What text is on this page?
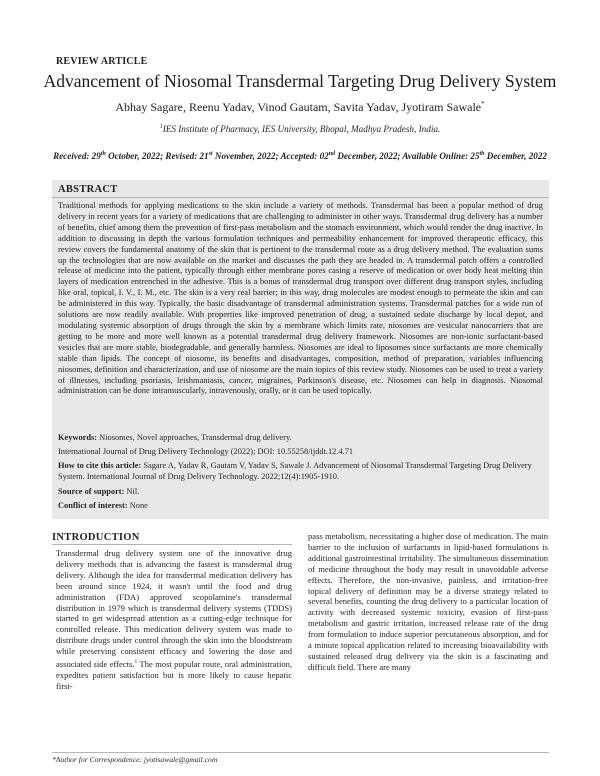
REVIEW ARTICLE
Advancement of Niosomal Transdermal Targeting Drug Delivery System
Abhay Sagare, Reenu Yadav, Vinod Gautam, Savita Yadav, Jyotiram Sawale*
$^1$IES Institute of Pharmacy, IES University, Bhopal, Madhya Pradesh, India.
Received: 29th October, 2022; Revised: 21st November, 2022; Accepted: 02nd December, 2022; Available Online: 25th December, 2022
ABSTRACT

Traditional methods for applying medications to the skin include a variety of methods. Transdermal has been a popular method of drug delivery in recent years for a variety of medications that are challenging to administer in other ways. Transdermal drug delivery has a number of benefits, chief among them the prevention of first-pass metabolism and the stomach environment, which would render the drug inactive. In addition to discussing in depth the various formulation techniques and permeability enhancement for improved therapeutic efficacy, this review covers the fundamental anatomy of the skin that is pertinent to the transdermal route as a drug delivery method. The evaluation sums up the technologies that are now available on the market and discusses the path they are headed in. A transdermal patch offers a controlled release of medicine into the patient, typically through either membrane pores casing a reserve of medication or over body heat melting thin layers of medication entrenched in the adhesive. This is a bonus of transdermal drug transport over different drug transport styles, including like oral, topical, I. V., I. M., etc. The skin is a very real barrier; in this way, drug molecules are modest enough to permeate the skin and can be administered in this way. Typically, the basic disadvantage of transdermal administration systems. Transdermal patches for a wide run of solutions are now readily available. With properties like improved penetration of drug, a sustained sedate discharge by local depot, and modulating systemic absorption of drugs through the skin by a membrane which limits rate, niosomes are vesicular nanocarriers that are getting to be more and more well known as a potential transdermal drug delivery framework. Niosomes are non-ionic surfactant-based vesicles that are more stable, biodegradable, and generally harmless. Niosomes are ideal to liposomes since surfactants are more chemically stable than lipids. The concept of niosome, its benefits and disadvantages, composition, method of preparation, variables influencing niosomes, definition and characterization, and use of niosome are the main topics of this review study. Niosomes can be used to treat a variety of illnesses, including psoriasis, leishmaniasis, cancer, migraines, Parkinson's disease, etc. Niosomes can help in diagnosis. Niosomal administration can be done intramuscularly, intravenously, orally, or it can be used topically.

Keywords: Niosomes, Novel approaches, Transdermal drug delivery.
International Journal of Drug Delivery Technology (2022); DOI: 10.55258/ijddt.12.4.71
How to cite this article: Sagare A, Yadav R, Gautam V, Yadav S, Sawale J. Advancement of Niosomal Transdermal Targeting Drug Delivery System. International Journal of Drug Delivery Technology. 2022;12(4):1905-1910.
Source of support: Nil.
Conflict of interest: None
INTRODUCTION

Transdermal drug delivery system one of the innovative drug delivery methods that is advancing the fastest is transdermal drug delivery. Although the idea for transdermal medication delivery has been around since 1924, it wasn't until the food and drug administration (FDA) approved scopolamine's transdermal distribution in 1979 which is transdermal delivery systems (TDDS) started to get widespread attention as a cutting-edge technique for controlled release. This medication delivery system was made to distribute drugs under control through the skin into the bloodstream while preserving consistent efficacy and lowering the dose and associated side effects.$^1$ The most popular route, oral administration, expedites patient satisfaction but is more likely to cause hepatic first-

pass metabolism, necessitating a higher dose of medication. The main barrier to the inclusion of surfactants in lipid-based formulations is additional gastrointestinal irritability. The simultaneous dissemination of medicine throughout the body may result in unavoidable adverse effects. Therefore, the non-invasive, painless, and irritation-free topical delivery of definition may be a diverse strategy related to several benefits, counting the drug delivery to a particular location of activity with decreased systemic toxicity, evasion of first-pass metabolism and gastric irritation, increased release rate of the drug from formulation to induce superior percutaneous absorption, and for a minute topical application related to increasing bioavailability with sustained released drug delivery via the skin is a fascinating and difficult field. There are many

*Author for Correspondence: jyotisawale@gmail.com
